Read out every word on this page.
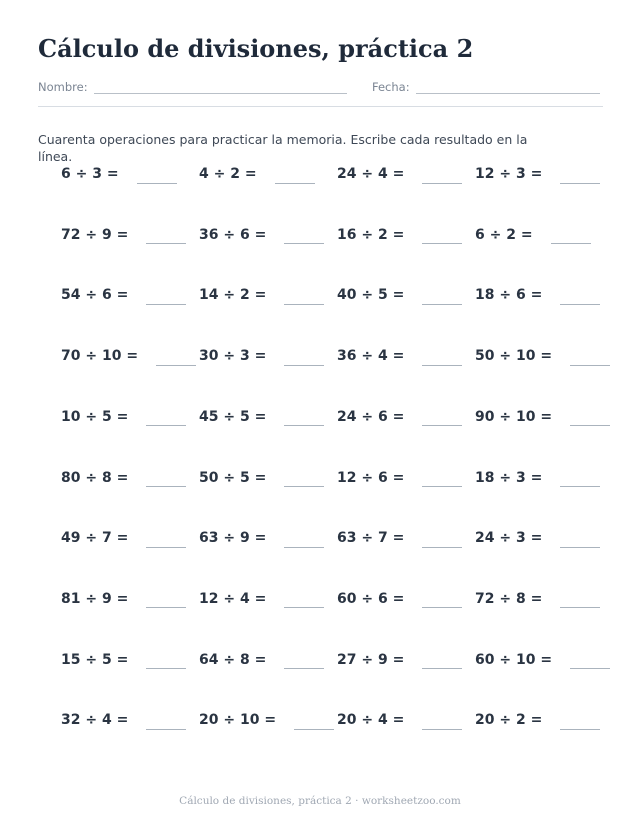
Cálculo de divisiones, práctica 2
Nombre:	Fecha:

Cuarenta operaciones para practicar la memoria. Escribe cada resultado en la línea.

6 ÷ 3 =	4 ÷ 2 =	24 ÷ 4 =	12 ÷ 3 =
72 ÷ 9 =	36 ÷ 6 =	16 ÷ 2 =	6 ÷ 2 =
54 ÷ 6 =	14 ÷ 2 =	40 ÷ 5 =	18 ÷ 6 =
70 ÷ 10 =	30 ÷ 3 =	36 ÷ 4 =	50 ÷ 10 =
10 ÷ 5 =	45 ÷ 5 =	24 ÷ 6 =	90 ÷ 10 =
80 ÷ 8 =	50 ÷ 5 =	12 ÷ 6 =	18 ÷ 3 =
49 ÷ 7 =	63 ÷ 9 =	63 ÷ 7 =	24 ÷ 3 =
81 ÷ 9 =	12 ÷ 4 =	60 ÷ 6 =	72 ÷ 8 =
15 ÷ 5 =	64 ÷ 8 =	27 ÷ 9 =	60 ÷ 10 =
32 ÷ 4 =	20 ÷ 10 =	20 ÷ 4 =	20 ÷ 2 =
Cálculo de divisiones, práctica 2 · worksheetzoo.com
